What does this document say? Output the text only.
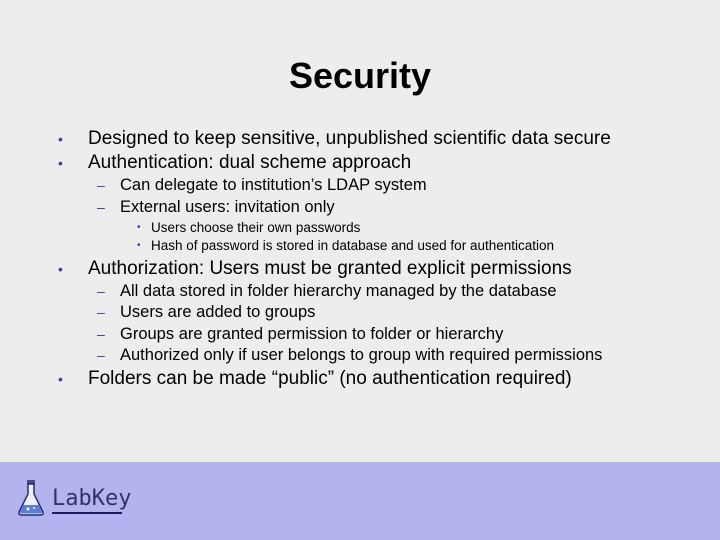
Security
• Designed to keep sensitive, unpublished scientific data secure
• Authentication: dual scheme approach
– Can delegate to institution’s LDAP system
– External users: invitation only
• Users choose their own passwords
• Hash of password is stored in database and used for authentication
• Authorization: Users must be granted explicit permissions
– All data stored in folder hierarchy managed by the database
– Users are added to groups
– Groups are granted permission to folder or hierarchy
– Authorized only if user belongs to group with required permissions
• Folders can be made “public” (no authentication required)
LabKey
